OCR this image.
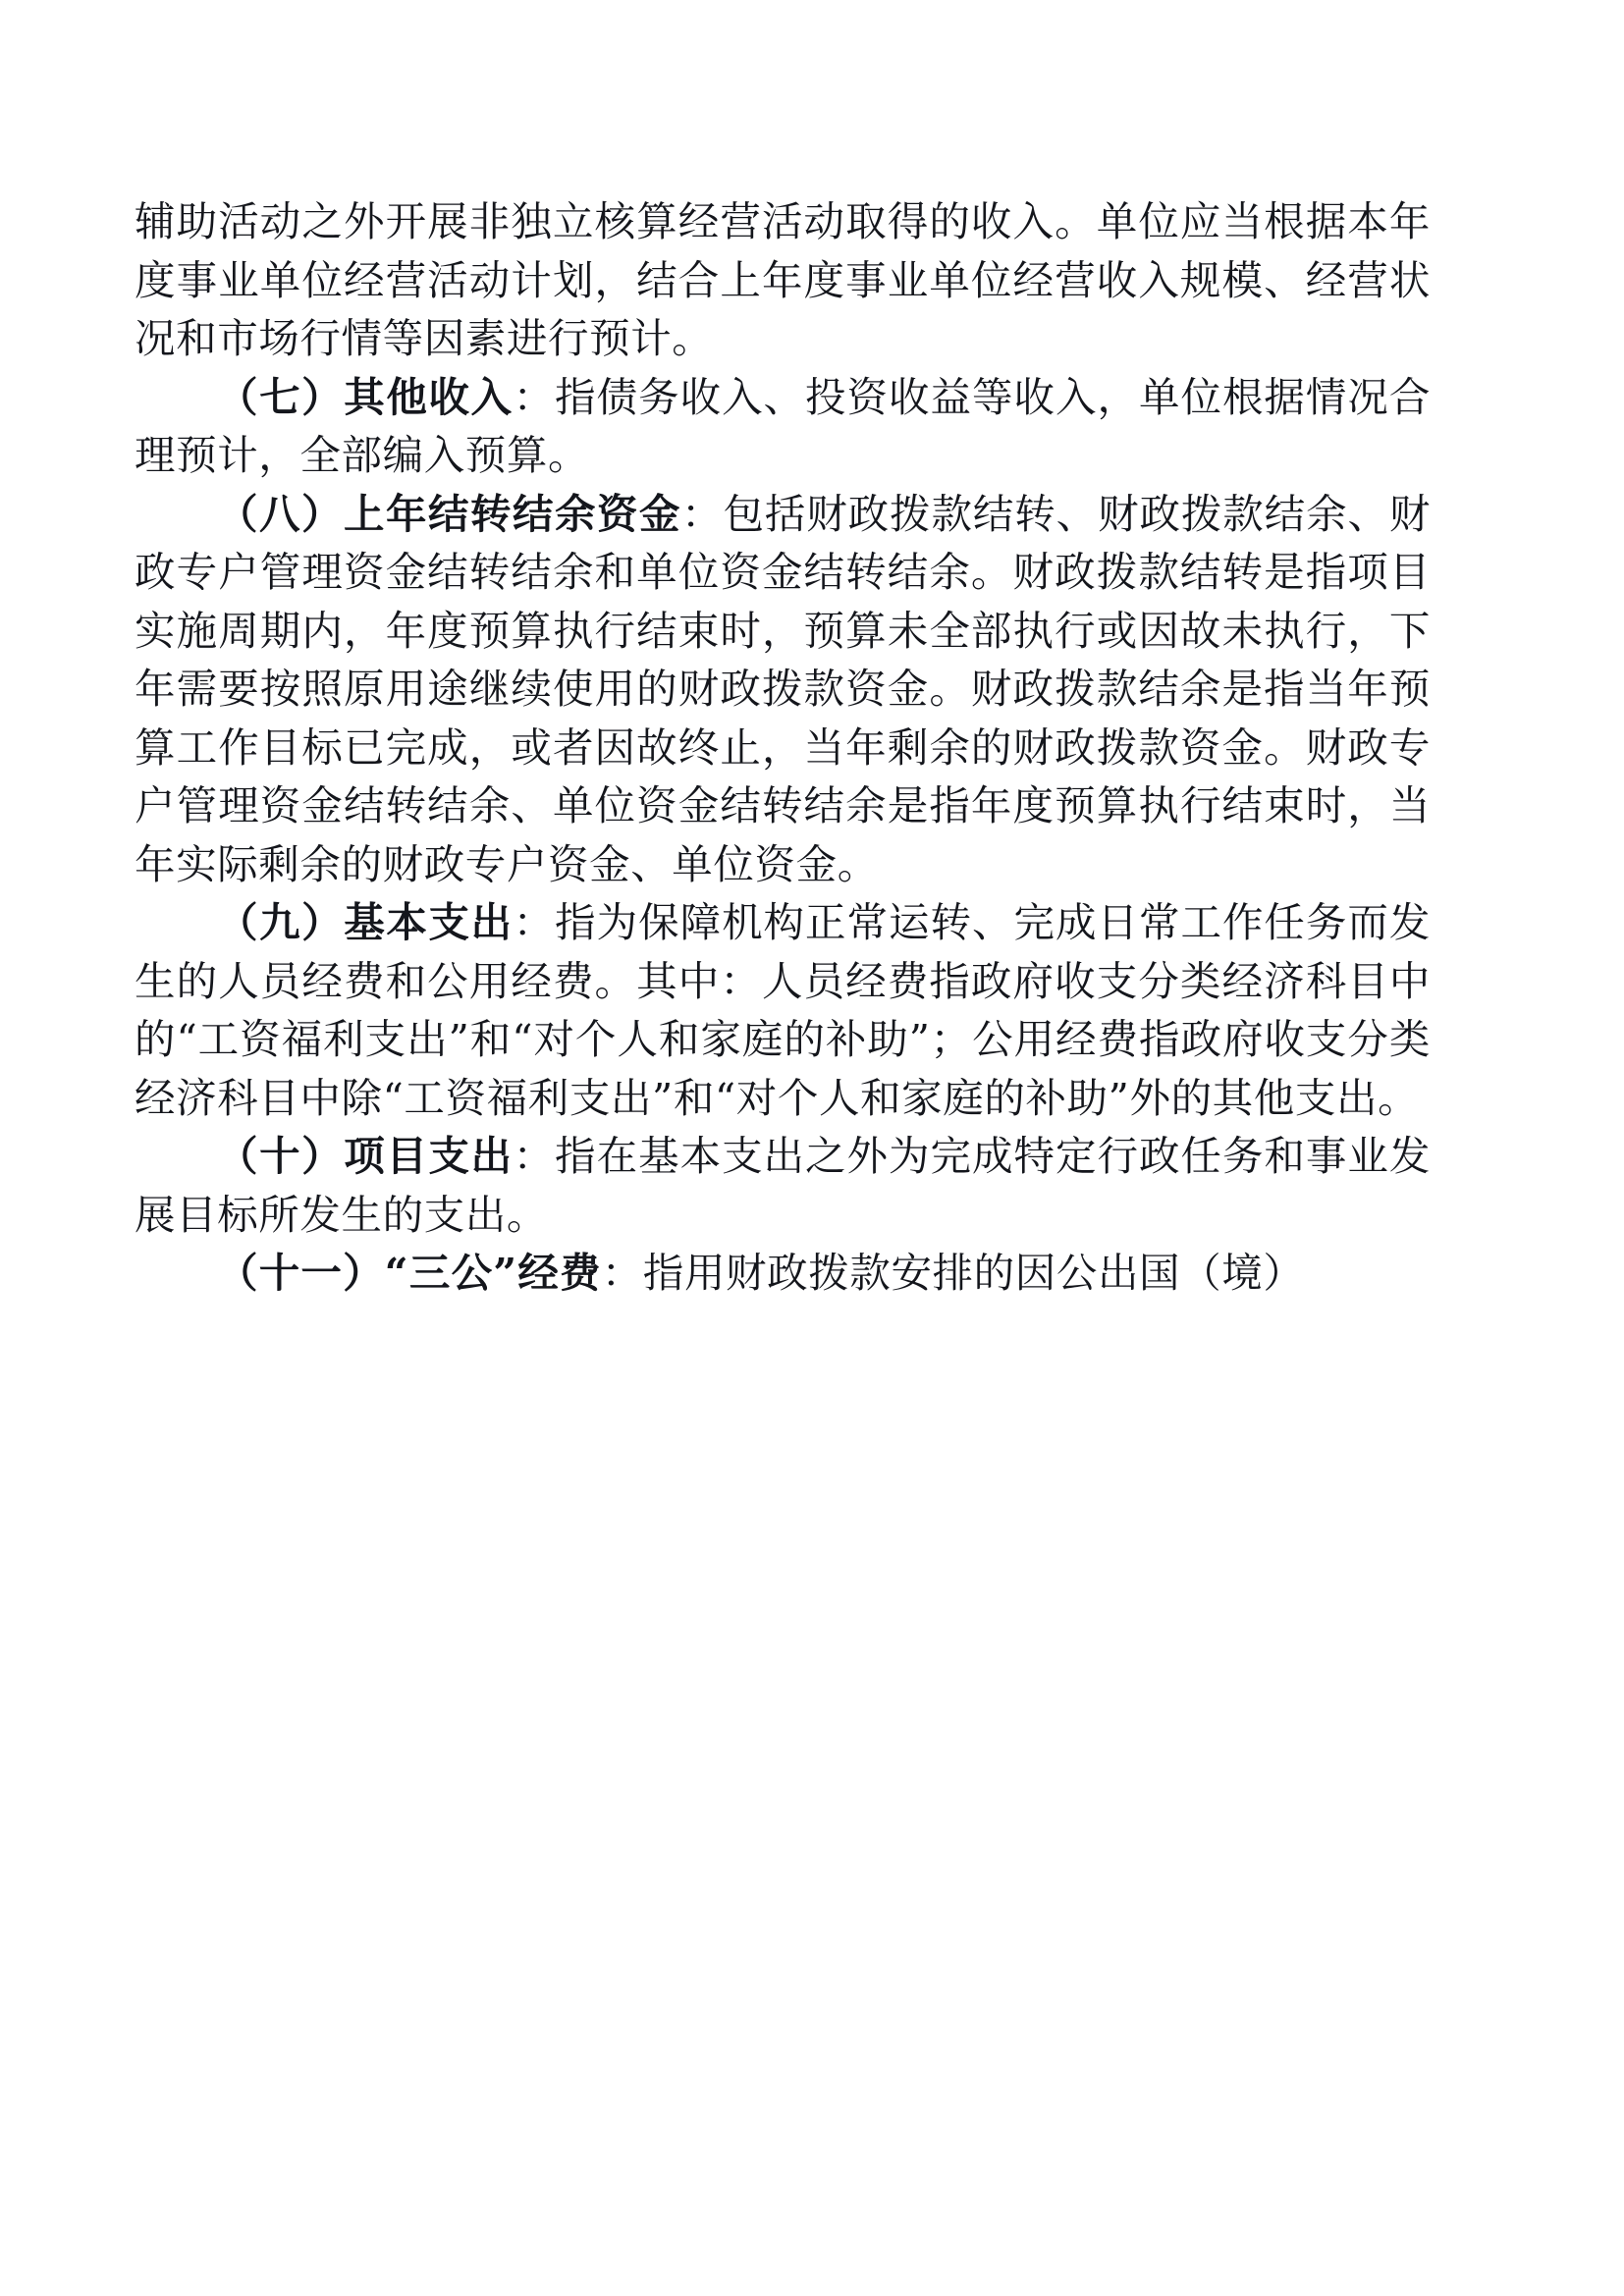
辅助活动之外开展非独立核算经营活动取得的收入。单位应当根据本年度事业单位经营活动计划，结合上年度事业单位经营收入规模、经营状况和市场行情等因素进行预计。

（七）其他收入：指债务收入、投资收益等收入，单位根据情况合理预计，全部编入预算。

（八）上年结转结余资金：包括财政拨款结转、财政拨款结余、财政专户管理资金结转结余和单位资金结转结余。财政拨款结转是指项目实施周期内，年度预算执行结束时，预算未全部执行或因故未执行，下年需要按照原用途继续使用的财政拨款资金。财政拨款结余是指当年预算工作目标已完成，或者因故终止，当年剩余的财政拨款资金。财政专户管理资金结转结余、单位资金结转结余是指年度预算执行结束时，当年实际剩余的财政专户资金、单位资金。

（九）基本支出：指为保障机构正常运转、完成日常工作任务而发生的人员经费和公用经费。其中：人员经费指政府收支分类经济科目中的“工资福利支出”和“对个人和家庭的补助”；公用经费指政府收支分类经济科目中除“工资福利支出”和“对个人和家庭的补助”外的其他支出。

（十）项目支出：指在基本支出之外为完成特定行政任务和事业发展目标所发生的支出。

（十一）“三公”经费：指用财政拨款安排的因公出国（境）
